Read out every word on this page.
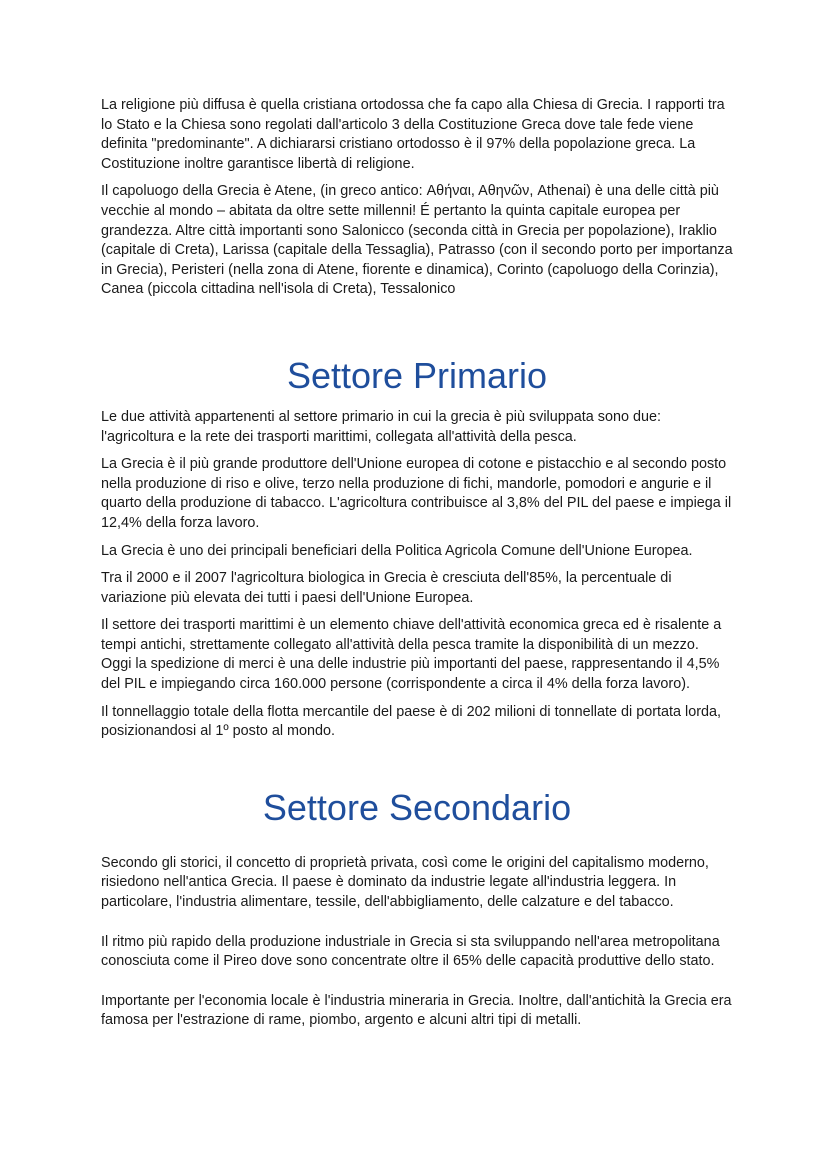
La religione più diffusa è quella cristiana ortodossa che fa capo alla Chiesa di Grecia. I rapporti tra lo Stato e la Chiesa sono regolati dall'articolo 3 della Costituzione Greca dove tale fede viene definita "predominante". A dichiararsi cristiano ortodosso è il 97% della popolazione greca. La Costituzione inoltre garantisce libertà di religione.

Il capoluogo della Grecia è Atene, (in greco antico: Αθήναι, Αθηνῶν, Athenai) è una delle città più vecchie al mondo – abitata da oltre sette millenni! É pertanto la quinta capitale europea per grandezza. Altre città importanti sono Salonicco (seconda città in Grecia per popolazione), Iraklio (capitale di Creta), Larissa (capitale della Tessaglia), Patrasso (con il secondo porto per importanza in Grecia), Peristeri (nella zona di Atene, fiorente e dinamica), Corinto (capoluogo della Corinzia), Canea (piccola cittadina nell'isola di Creta), Tessalonico

Settore Primario

Le due attività appartenenti al settore primario in cui la grecia è più sviluppata sono due: l'agricoltura e la rete dei trasporti marittimi, collegata all'attività della pesca.

La Grecia è il più grande produttore dell'Unione europea di cotone e pistacchio e al secondo posto nella produzione di riso e olive, terzo nella produzione di fichi, mandorle, pomodori e angurie e il quarto della produzione di tabacco. L'agricoltura contribuisce al 3,8% del PIL del paese e impiega il 12,4% della forza lavoro.

La Grecia è uno dei principali beneficiari della Politica Agricola Comune dell'Unione Europea.

Tra il 2000 e il 2007 l'agricoltura biologica in Grecia è cresciuta dell'85%, la percentuale di variazione più elevata dei tutti i paesi dell'Unione Europea.

Il settore dei trasporti marittimi è un elemento chiave dell'attività economica greca ed è risalente a tempi antichi, strettamente collegato all'attività della pesca tramite la disponibilità di un mezzo. Oggi la spedizione di merci è una delle industrie più importanti del paese, rappresentando il 4,5% del PIL e impiegando circa 160.000 persone (corrispondente a circa il 4% della forza lavoro).

Il tonnellaggio totale della flotta mercantile del paese è di 202 milioni di tonnellate di portata lorda, posizionandosi al 1º posto al mondo.

Settore Secondario

Secondo gli storici, il concetto di proprietà privata, così come le origini del capitalismo moderno, risiedono nell'antica Grecia. Il paese è dominato da industrie legate all'industria leggera. In particolare, l'industria alimentare, tessile, dell'abbigliamento, delle calzature e del tabacco.

Il ritmo più rapido della produzione industriale in Grecia si sta sviluppando nell'area metropolitana conosciuta come il Pireo dove sono concentrate oltre il 65% delle capacità produttive dello stato.

Importante per l'economia locale è l'industria mineraria in Grecia. Inoltre, dall'antichità la Grecia era famosa per l'estrazione di rame, piombo, argento e alcuni altri tipi di metalli.
